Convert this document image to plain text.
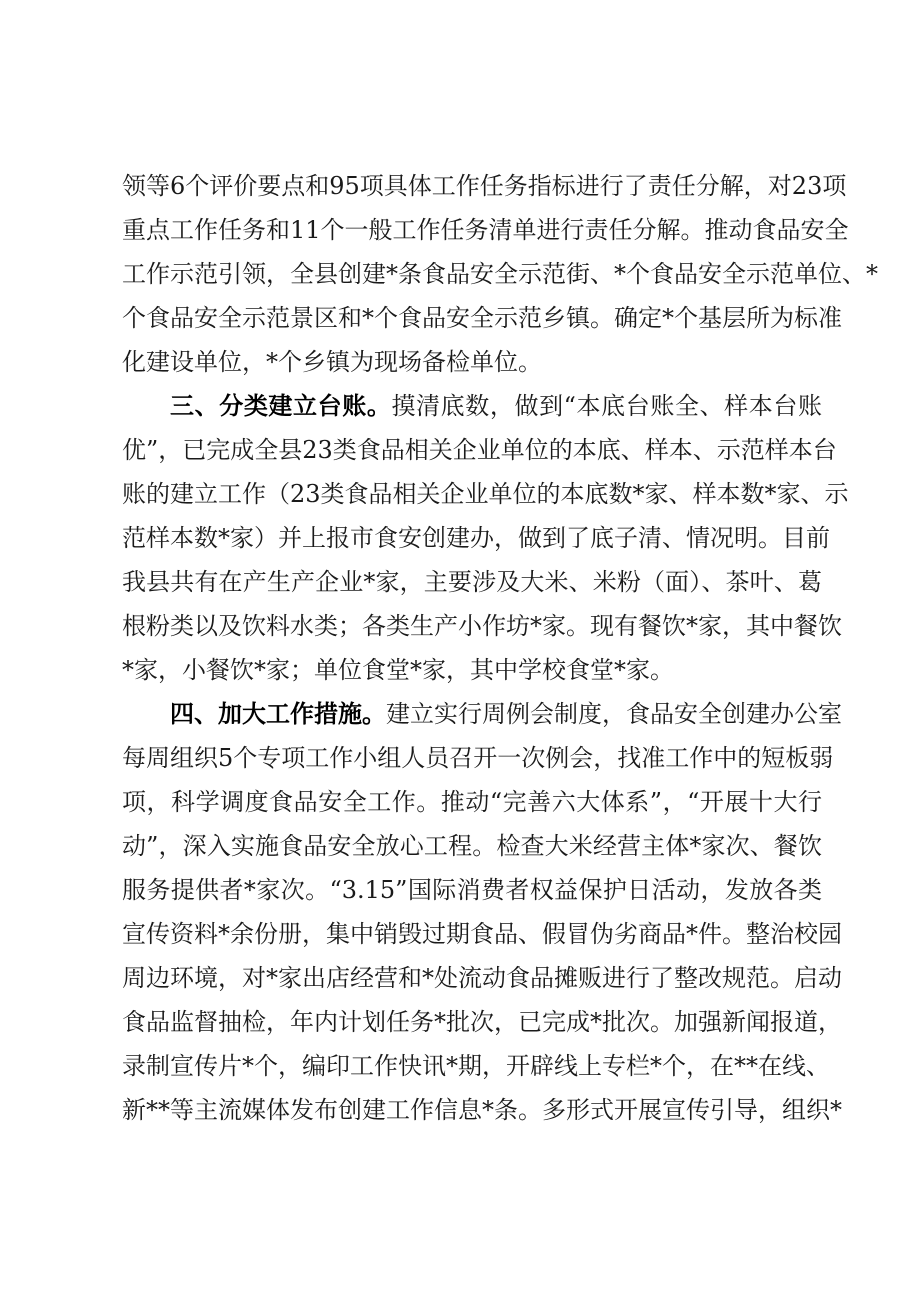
领等6个评价要点和95项具体工作任务指标进行了责任分解，对23项
重点工作任务和11个一般工作任务清单进行责任分解。推动食品安全
工作示范引领，全县创建*条食品安全示范街、*个食品安全示范单位、*
个食品安全示范景区和*个食品安全示范乡镇。确定*个基层所为标准
化建设单位，*个乡镇为现场备检单位。
三、分类建立台账。摸清底数，做到“本底台账全、样本台账
优”，已完成全县23类食品相关企业单位的本底、样本、示范样本台
账的建立工作（23类食品相关企业单位的本底数*家、样本数*家、示
范样本数*家）并上报市食安创建办，做到了底子清、情况明。目前
我县共有在产生产企业*家，主要涉及大米、米粉（面）、茶叶、葛
根粉类以及饮料水类；各类生产小作坊*家。现有餐饮*家，其中餐饮
*家，小餐饮*家；单位食堂*家，其中学校食堂*家。
四、加大工作措施。建立实行周例会制度，食品安全创建办公室
每周组织5个专项工作小组人员召开一次例会，找准工作中的短板弱
项，科学调度食品安全工作。推动“完善六大体系”，“开展十大行
动”，深入实施食品安全放心工程。检查大米经营主体*家次、餐饮
服务提供者*家次。“3.15”国际消费者权益保护日活动，发放各类
宣传资料*余份册，集中销毁过期食品、假冒伪劣商品*件。整治校园
周边环境，对*家出店经营和*处流动食品摊贩进行了整改规范。启动
食品监督抽检，年内计划任务*批次，已完成*批次。加强新闻报道，
录制宣传片*个，编印工作快讯*期，开辟线上专栏*个，在**在线、
新**等主流媒体发布创建工作信息*条。多形式开展宣传引导，组织*
